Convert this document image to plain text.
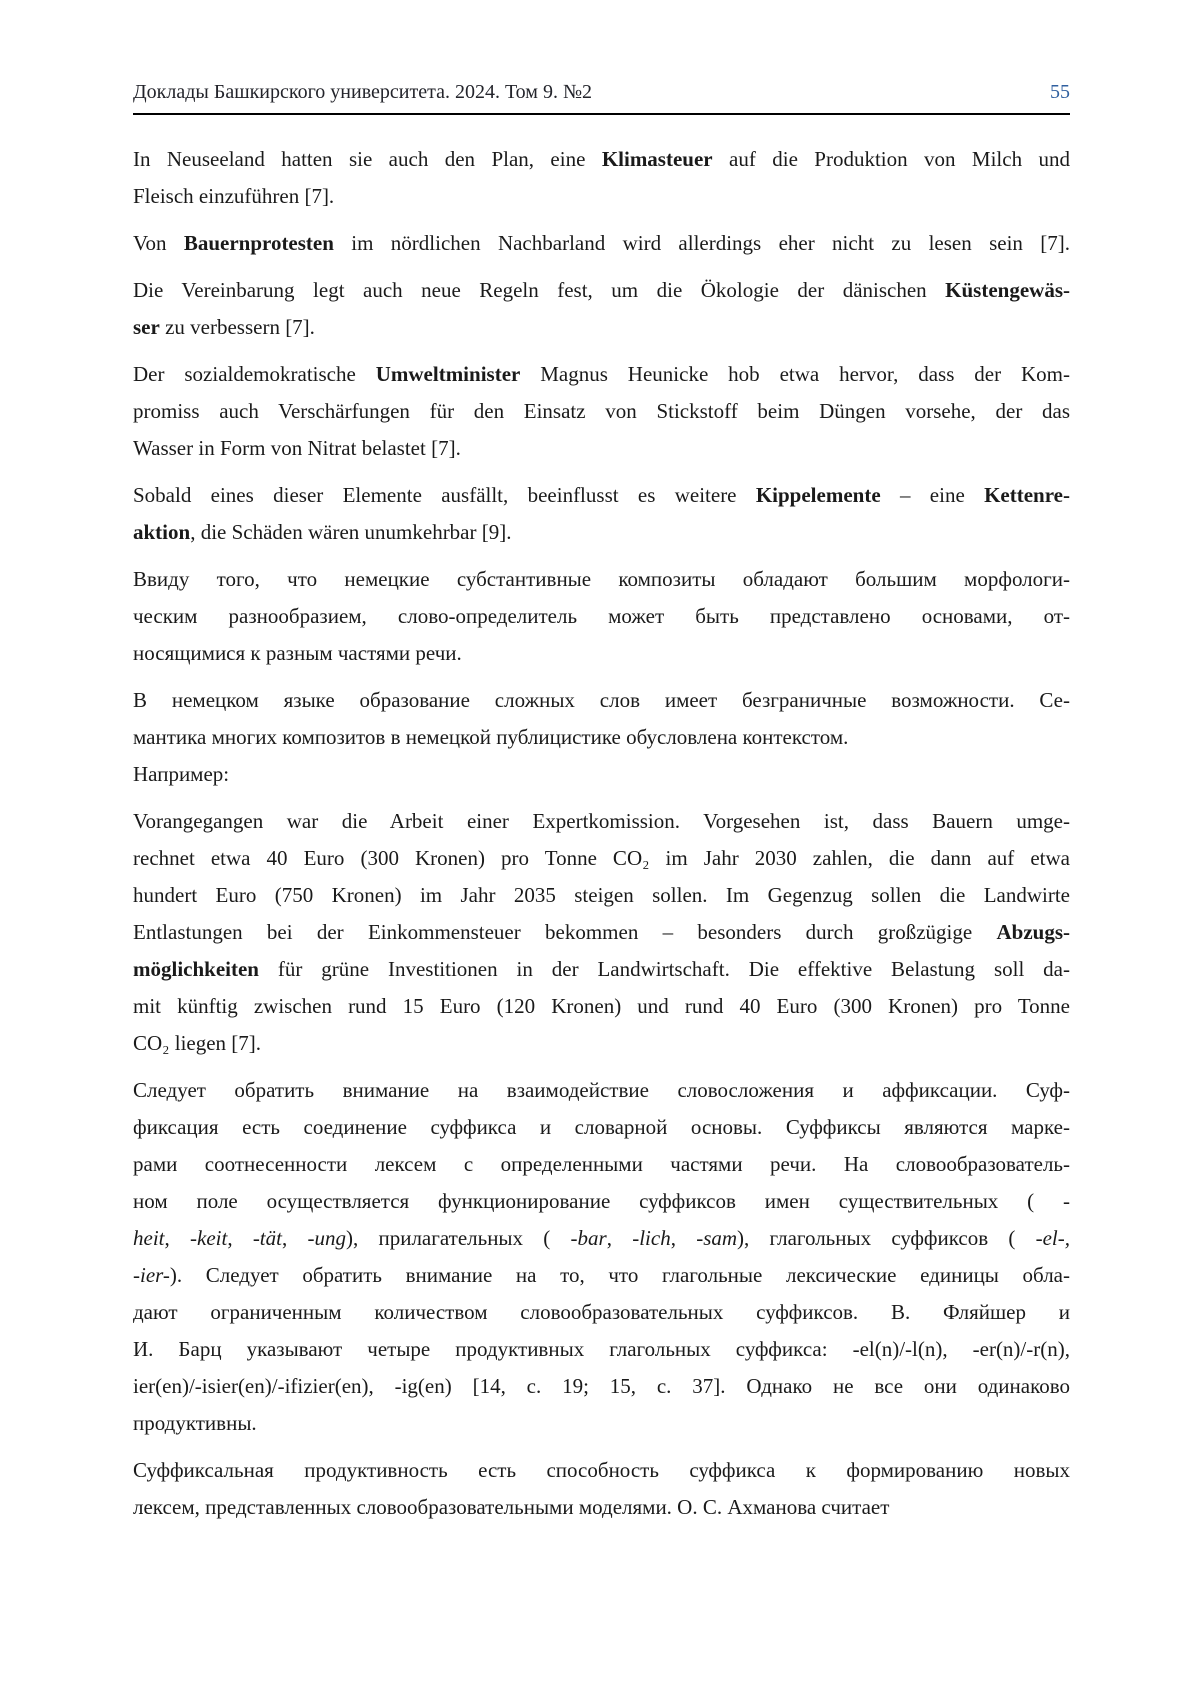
Доклады Башкирского университета. 2024. Том 9. №2	55
In Neuseeland hatten sie auch den Plan, eine Klimasteuer auf die Produktion von Milch und
Fleisch einzuführen [7].
Von Bauernprotesten im nördlichen Nachbarland wird allerdings eher nicht zu lesen sein [7].
Die Vereinbarung legt auch neue Regeln fest, um die Ökologie der dänischen Küstengewäs-
ser zu verbessern [7].
Der sozialdemokratische Umweltminister Magnus Heunicke hob etwa hervor, dass der Kom-
promiss auch Verschärfungen für den Einsatz von Stickstoff beim Düngen vorsehe, der das
Wasser in Form von Nitrat belastet [7].
Sobald eines dieser Elemente ausfällt, beeinflusst es weitere Kippelemente – eine Kettenre-
aktion, die Schäden wären unumkehrbar [9].
Ввиду того, что немецкие субстантивные композиты обладают большим морфологи-
ческим разнообразием, слово-определитель может быть представлено основами, от-
носящимися к разным частями речи.
В немецком языке образование сложных слов имеет безграничные возможности. Се-
мантика многих композитов в немецкой публицистике обусловлена контекстом.
Например:
Vorangegangen war die Arbeit einer Expertkomission. Vorgesehen ist, dass Bauern umge-
rechnet etwa 40 Euro (300 Kronen) pro Tonne CO₂ im Jahr 2030 zahlen, die dann auf etwa
hundert Euro (750 Kronen) im Jahr 2035 steigen sollen. Im Gegenzug sollen die Landwirte
Entlastungen bei der Einkommensteuer bekommen – besonders durch großzügige Abzugs-
möglichkeiten für grüne Investitionen in der Landwirtschaft. Die effektive Belastung soll da-
mit künftig zwischen rund 15 Euro (120 Kronen) und rund 40 Euro (300 Kronen) pro Tonne
CO₂ liegen [7].
Следует обратить внимание на взаимодействие словосложения и аффиксации. Суф-
фиксация есть соединение суффикса и словарной основы. Суффиксы являются марке-
рами соотнесенности лексем с определенными частями речи. На словообразователь-
ном поле осуществляется функционирование суффиксов имен существительных ( -
heit, -keit, -tät, -ung), прилагательных ( -bar, -lich, -sam), глагольных суффиксов ( -el-,
-ier-). Следует обратить внимание на то, что глагольные лексические единицы обла-
дают ограниченным количеством словообразовательных суффиксов. В. Фляйшер и
И. Барц указывают четыре продуктивных глагольных суффикса: -el(n)/-l(n), -er(n)/-r(n),
ier(en)/-isier(en)/-ifizier(en), -ig(en) [14, с. 19; 15, с. 37]. Однако не все они одинаково
продуктивны.
Суффиксальная продуктивность есть способность суффикса к формированию новых
лексем, представленных словообразовательными моделями. О. С. Ахманова считает
